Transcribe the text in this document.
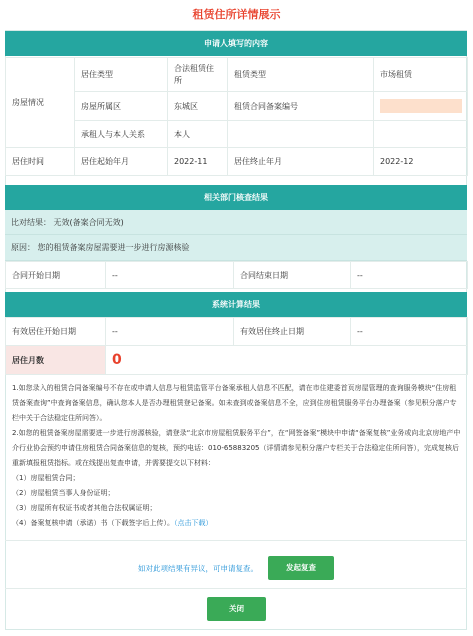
租赁住所详情展示
申请人填写的内容
房屋情况	居住类型	合法租赁住所	租赁类型	市场租赁
	房屋所属区	东城区	租赁合同备案编号	
	承租人与本人关系	本人		
居住时间	居住起始年月	2022-11	居住终止年月	2022-12
相关部门核查结果
比对结果： 无效(备案合同无效)
原因： 您的租赁备案房屋需要进一步进行房源核验
合同开始日期	--	合同结束日期	--
系统计算结果
有效居住开始日期	--	有效居住终止日期	--
居住月数	0		

1.如您录入的租赁合同备案编号不存在或申请人信息与租赁监管平台备案承租人信息不匹配，请在市住建委首页房屋管理的查询服务模块“住房租赁备案查询”中查询备案信息，确认您本人是否办理租赁登记备案。如未查到或备案信息不全，应到住房租赁服务平台办理备案（参见积分落户专栏中关于合法稳定住所问答）。

2.如您的租赁备案房屋需要进一步进行房源核验，请登录“北京市房屋租赁服务平台”，在“网签备案”模块中申请“备案复核”业务或向北京房地产中介行业协会预约申请住房租赁合同备案信息的复核，预约电话：010-65883205（详情请参见积分落户专栏关于合法稳定住所问答），完成复核后重新填报租赁指标。或在线提出复查申请，并需要提交以下材料：

（1）房屋租赁合同；

（2）房屋租赁当事人身份证明；

（3）房屋所有权证书或者其他合法权属证明；

（4）备案复核申请（承诺）书（下载签字后上传）。（点击下载）

如对此项结果有异议，可申请复查。	发起复查
关闭
